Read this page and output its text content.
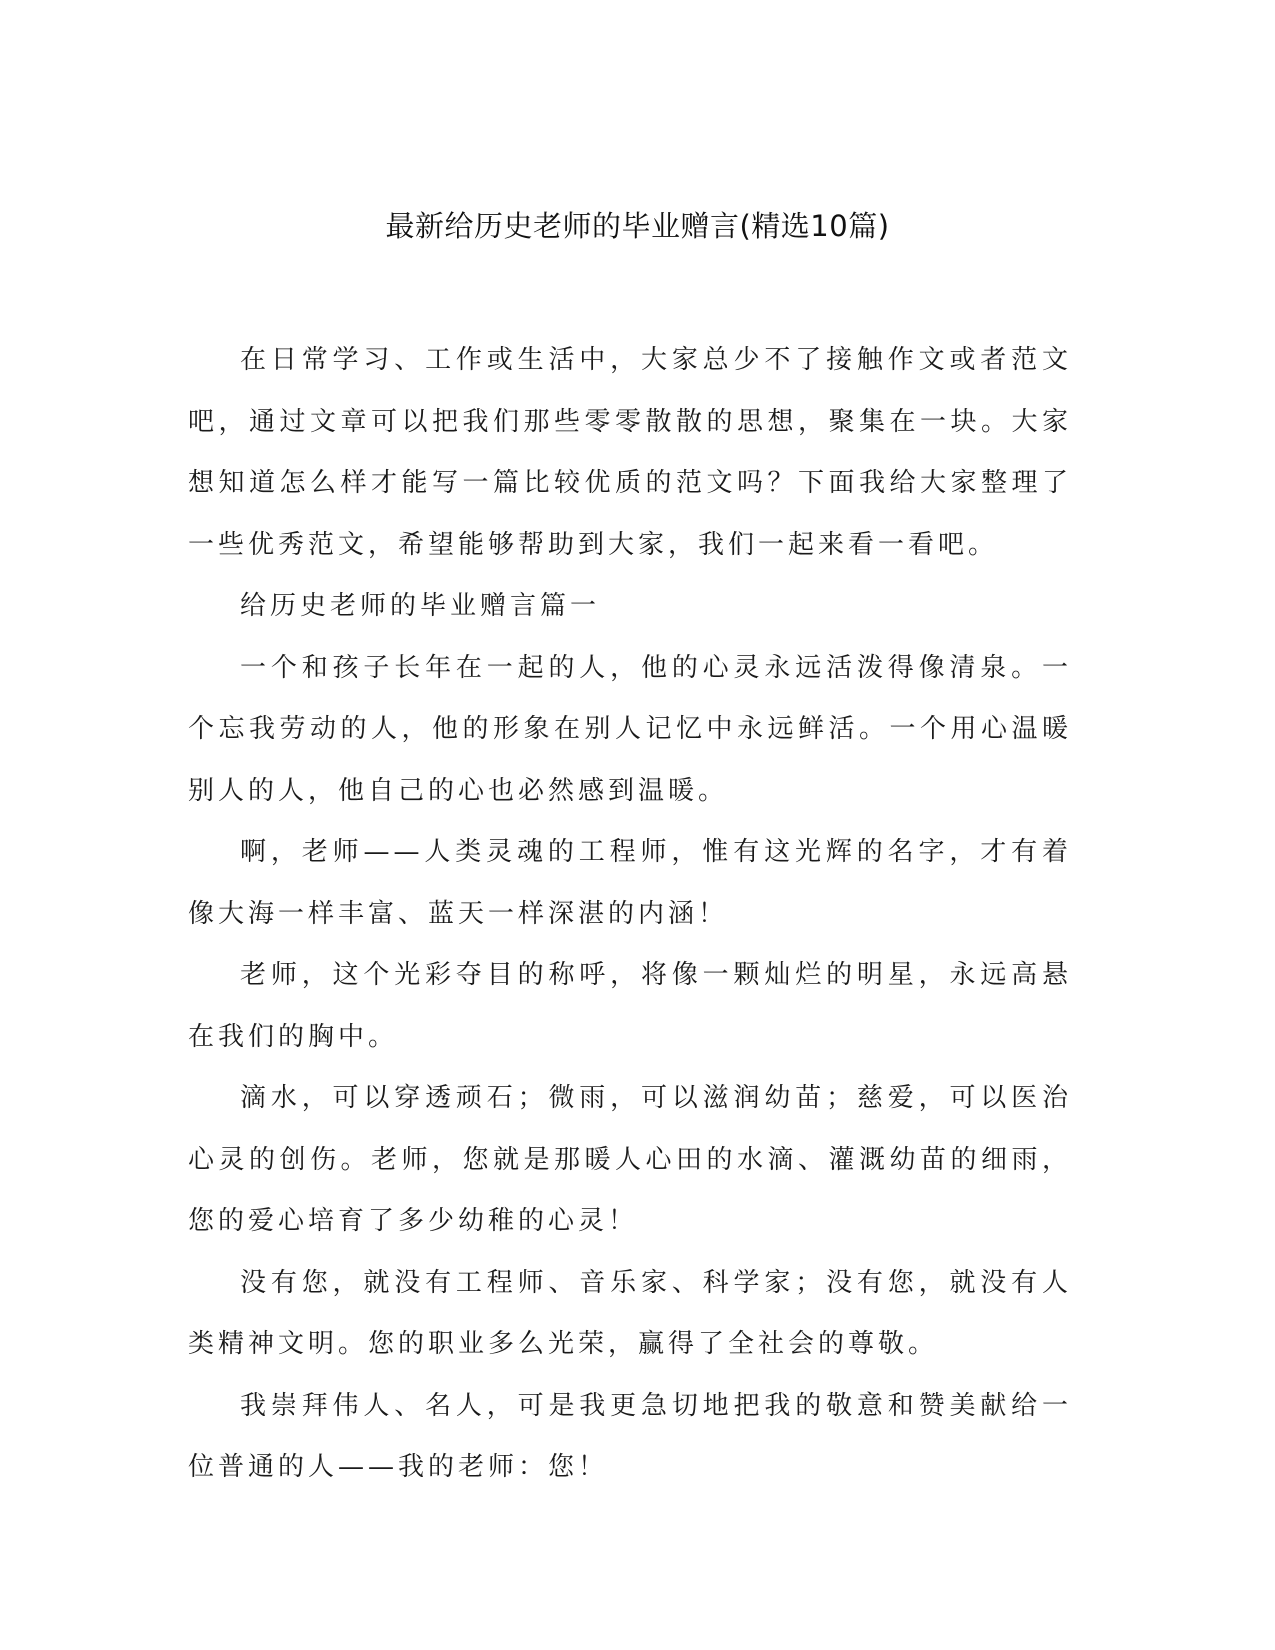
最新给历史老师的毕业赠言(精选10篇)

在日常学习、工作或生活中，大家总少不了接触作文或者范文吧，通过文章可以把我们那些零零散散的思想，聚集在一块。大家想知道怎么样才能写一篇比较优质的范文吗？下面我给大家整理了一些优秀范文，希望能够帮助到大家，我们一起来看一看吧。

给历史老师的毕业赠言篇一

一个和孩子长年在一起的人，他的心灵永远活泼得像清泉。一个忘我劳动的人，他的形象在别人记忆中永远鲜活。一个用心温暖别人的人，他自己的心也必然感到温暖。

啊，老师——人类灵魂的工程师，惟有这光辉的名字，才有着像大海一样丰富、蓝天一样深湛的内涵！

老师，这个光彩夺目的称呼，将像一颗灿烂的明星，永远高悬在我们的胸中。

滴水，可以穿透顽石；微雨，可以滋润幼苗；慈爱，可以医治心灵的创伤。老师，您就是那暖人心田的水滴、灌溉幼苗的细雨，您的爱心培育了多少幼稚的心灵！

没有您，就没有工程师、音乐家、科学家；没有您，就没有人类精神文明。您的职业多么光荣，赢得了全社会的尊敬。

我崇拜伟人、名人，可是我更急切地把我的敬意和赞美献给一位普通的人——我的老师：您！
